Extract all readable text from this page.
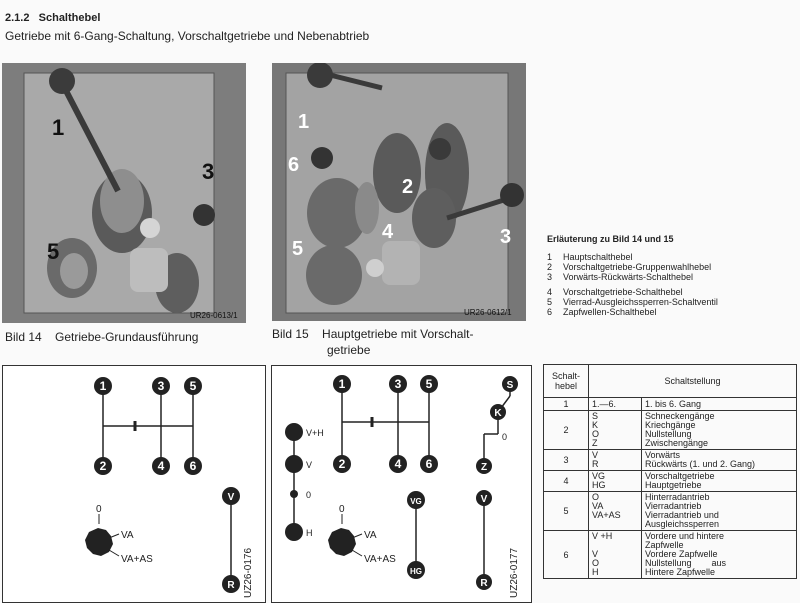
2.1.2 Schalthebel
Getriebe mit 6-Gang-Schaltung, Vorschaltgetriebe und Nebenabtrieb
1
3
5
UR26-0613/1
Bild 14 Getriebe-Grundausführung
1
6
2
4
5
3
UR26-0612/1
Bild 15 Hauptgetriebe mit Vorschalt-
getriebe
Erläuterung zu Bild 14 und 15
1	Hauptschalthebel
2	Vorschaltgetriebe-Gruppenwahlhebel
3	Vorwärts-Rückwärts-Schalthebel
4	Vorschaltgetriebe-Schalthebel
5	Vierrad-Ausgleichssperren-Schaltventil
6	Zapfwellen-Schalthebel
1	3 5
2	4 6
V
R
0
VA
VA+AS	UZ26-0176
1	3 5
2	4 6
VG
HG
V
R
S
K
Z
V+H
V
0
H
0
0
VA
VA+AS	UZ26-0177
Schalt-
hebel	Schaltstellung	
1	1.—6.	1. bis 6. Gang

2	S
K
O
Z	Schneckengänge
Kriechgänge
Nullstellung
Zwischengänge

3	V
R	Vorwärts
Rückwärts (1. und 2. Gang)

4	VG
HG	Vorschaltgetriebe
Hauptgetriebe

5	O
VA
VA+AS	Hinterradantrieb
Vierradantrieb
Vierradantrieb und
Ausgleichssperren

6	V +H

V
O
H	Vordere und hintere
Zapfwelle
Vordere Zapfwelle
Nullstellung        aus
Hintere Zapfwelle
